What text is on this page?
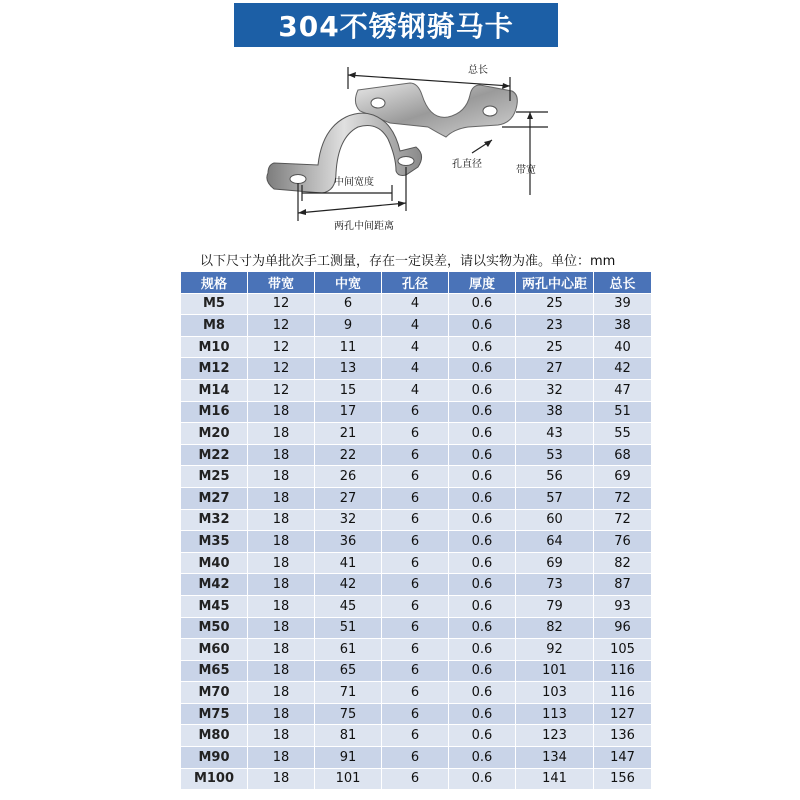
304不锈钢骑马卡
总长
带宽
孔直径
中间宽度
两孔中间距离
以下尺寸为单批次手工测量，存在一定误差，请以实物为准。单位：mm
规格	带宽	中宽	孔径	厚度	两孔中心距	总长
M5	12	6	4	0.6	25	39
M8	12	9	4	0.6	23	38
M10	12	11	4	0.6	25	40
M12	12	13	4	0.6	27	42
M14	12	15	4	0.6	32	47
M16	18	17	6	0.6	38	51
M20	18	21	6	0.6	43	55
M22	18	22	6	0.6	53	68
M25	18	26	6	0.6	56	69
M27	18	27	6	0.6	57	72
M32	18	32	6	0.6	60	72
M35	18	36	6	0.6	64	76
M40	18	41	6	0.6	69	82
M42	18	42	6	0.6	73	87
M45	18	45	6	0.6	79	93
M50	18	51	6	0.6	82	96
M60	18	61	6	0.6	92	105
M65	18	65	6	0.6	101	116
M70	18	71	6	0.6	103	116
M75	18	75	6	0.6	113	127
M80	18	81	6	0.6	123	136
M90	18	91	6	0.6	134	147
M100	18	101	6	0.6	141	156
